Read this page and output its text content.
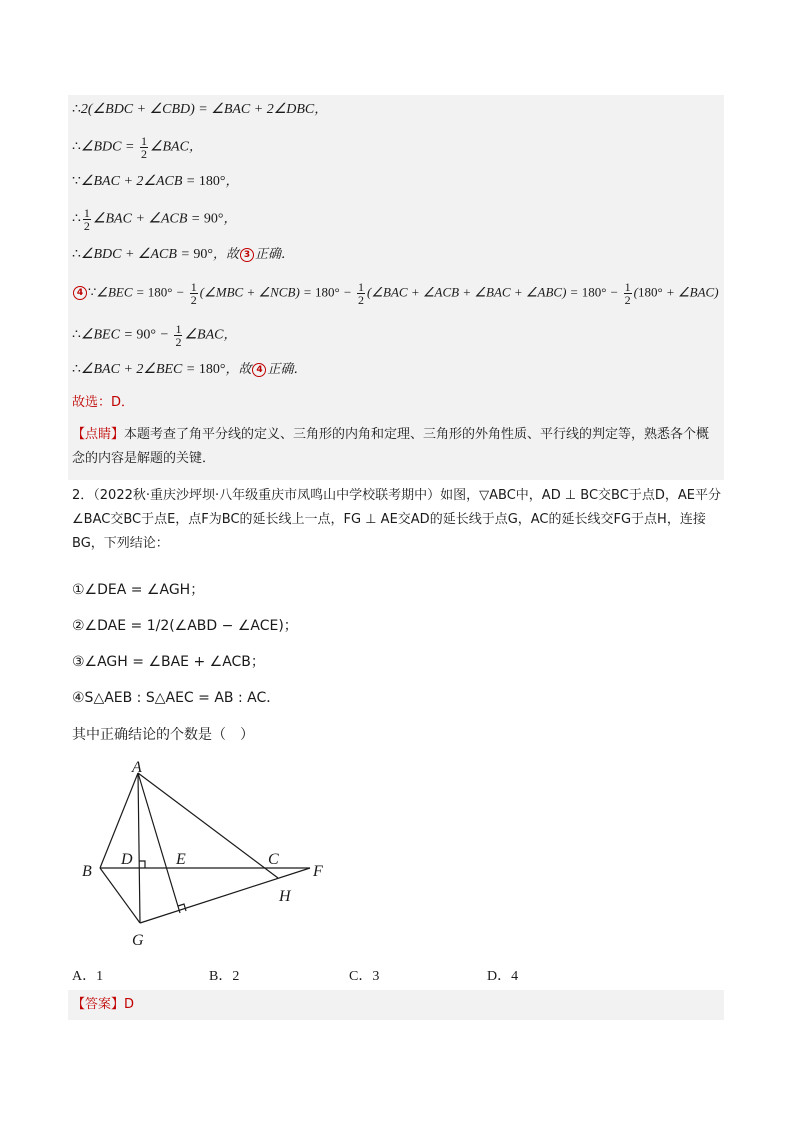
∴2(∠BDC + ∠CBD) = ∠BAC + 2∠DBC，
∴∠BDC = $\frac{1}{2}$ ∠BAC，
∵∠BAC + 2∠ACB = 180°，
∴ $\frac{1}{2}$ ∠BAC + ∠ACB = 90°，
∴∠BDC + ∠ACB = 90°，故 3 正确．
4 ∵∠BEC = $180^\circ - \frac{1}{2}$ (∠MBC + ∠NCB) = $180^\circ - \frac{1}{2}$ (∠BAC + ∠ACB + ∠BAC + ∠ABC) = $180^\circ - \frac{1}{2} (180^\circ$ + ∠BAC)
∴∠BEC = $90^\circ - \frac{1}{2}$ ∠BAC，
∴∠BAC + 2∠BEC = 180°，故 4 正确．
故选：D．
【点睛】本题考查了角平分线的定义、三角形的内角和定理、三角形的外角性质、平行线的判定等，熟悉各个概念的内容是解题的关键．
2．（2022秋·重庆沙坪坝·八年级重庆市凤鸣山中学校联考期中）如图，▽ABC中，AD ⊥ BC交BC于点D，AE平分∠BAC交BC于点E，点F为BC的延长线上一点，FG ⊥ AE交AD的延长线于点G，AC的延长线交FG于点H，连接BG，下列结论：
①∠DEA = ∠AGH；
②∠DAE = 1/2(∠ABD − ∠ACE)；
③∠AGH = ∠BAE + ∠ACB；
④S△AEB : S△AEC = AB : AC．
其中正确结论的个数是（　）
A
B
D	E	C
F
H
G
A．1	B．2	C．3	D．4
【答案】D
